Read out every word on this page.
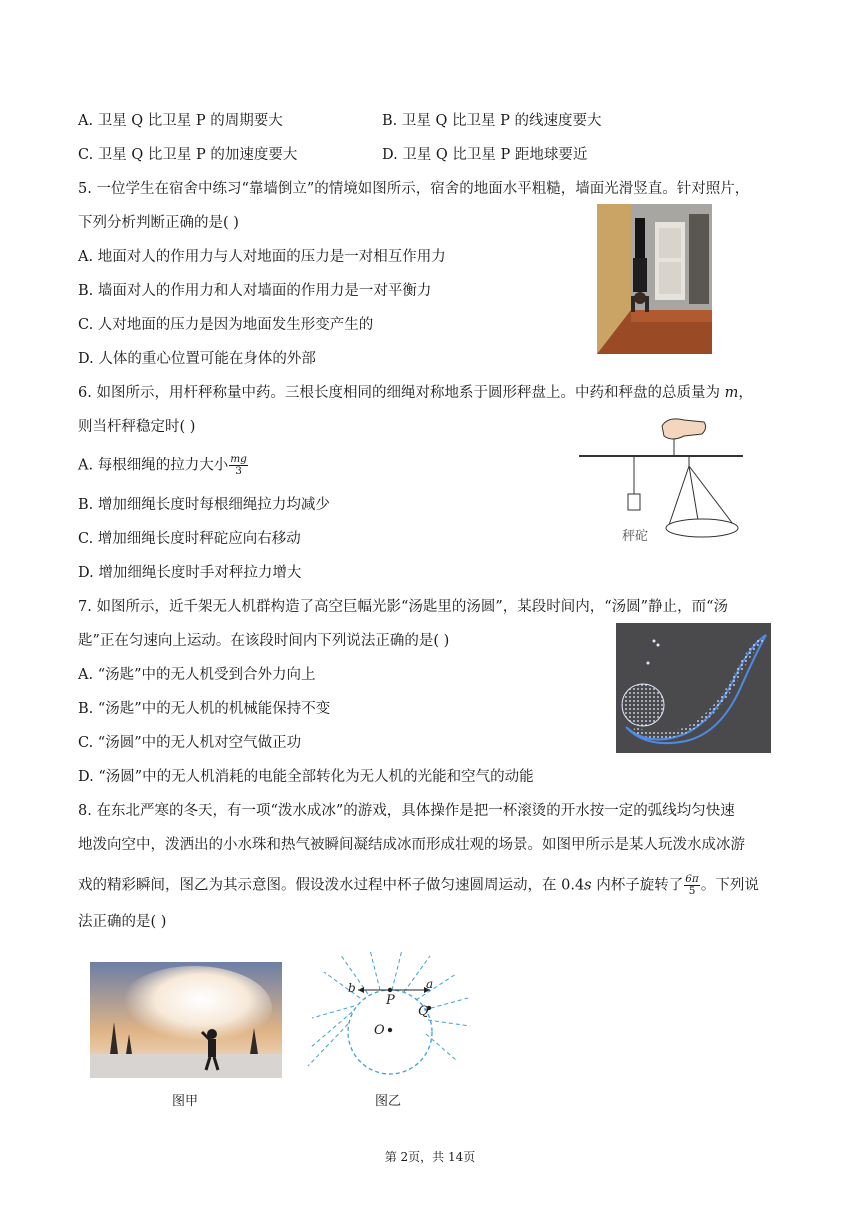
A. 卫星 Q 比卫星 P 的周期要大	B. 卫星 Q 比卫星 P 的线速度要大
C. 卫星 Q 比卫星 P 的加速度要大	D. 卫星 Q 比卫星 P 距地球要近
5. 一位学生在宿舍中练习“靠墙倒立”的情境如图所示，宿舍的地面水平粗糙，墙面光滑竖直。针对照片，
下列分析判断正确的是( )
A. 地面对人的作用力与人对地面的压力是一对相互作用力
B. 墙面对人的作用力和人对墙面的作用力是一对平衡力
C. 人对地面的压力是因为地面发生形变产生的
D. 人体的重心位置可能在身体的外部
6. 如图所示，用杆秤称量中药。三根长度相同的细绳对称地系于圆形秤盘上。中药和秤盘的总质量为 m，
则当杆秤稳定时( )
A. 每根细绳的拉力大小 $\frac{mg}{3}$
B. 增加细绳长度时每根细绳拉力均减少
C. 增加细绳长度时秤砣应向右移动
D. 增加细绳长度时手对秤拉力增大
秤砣
7. 如图所示，近千架无人机群构造了高空巨幅光影“汤匙里的汤圆”，某段时间内，“汤圆”静止，而“汤
匙”正在匀速向上运动。在该段时间内下列说法正确的是( )
A. “汤匙”中的无人机受到合外力向上
B. “汤匙”中的无人机的机械能保持不变
C. “汤圆”中的无人机对空气做正功
D. “汤圆”中的无人机消耗的电能全部转化为无人机的光能和空气的动能
8. 在东北严寒的冬天，有一项“泼水成冰”的游戏，具体操作是把一杯滚烫的开水按一定的弧线均匀快速
地泼向空中，泼洒出的小水珠和热气被瞬间凝结成冰而形成壮观的场景。如图甲所示是某人玩泼水成冰游
戏的精彩瞬间，图乙为其示意图。假设泼水过程中杯子做匀速圆周运动，在 0.4s 内杯子旋转了 $\frac{6\pi}{5}$ 。下列说
法正确的是( )
b
P
a
Q
O
图甲	图乙
第 2页，共 14页
